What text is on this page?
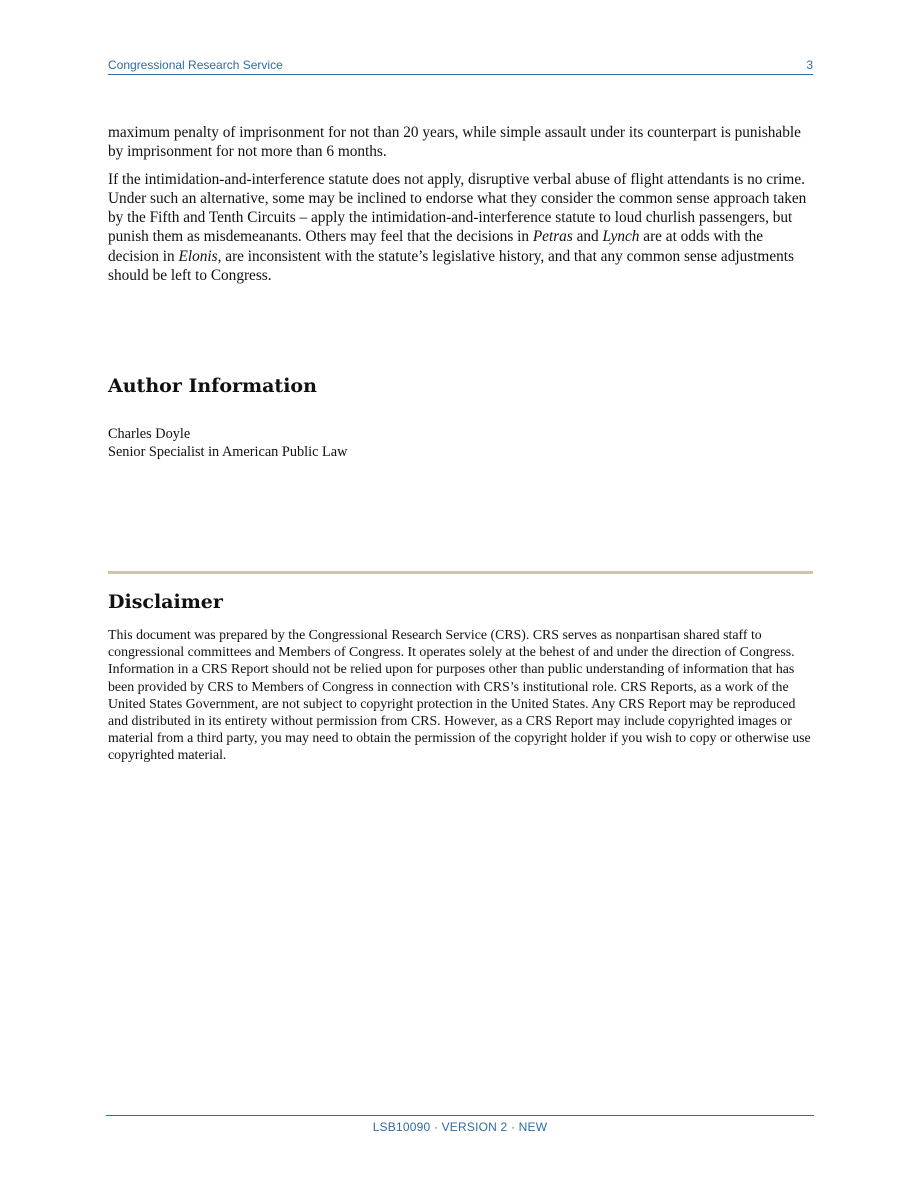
Congressional Research Service	3

maximum penalty of imprisonment for not than 20 years, while simple assault under its counterpart is punishable by imprisonment for not more than 6 months.

If the intimidation-and-interference statute does not apply, disruptive verbal abuse of flight attendants is no crime. Under such an alternative, some may be inclined to endorse what they consider the common sense approach taken by the Fifth and Tenth Circuits – apply the intimidation-and-interference statute to loud churlish passengers, but punish them as misdemeanants. Others may feel that the decisions in Petras and Lynch are at odds with the decision in Elonis, are inconsistent with the statute’s legislative history, and that any common sense adjustments should be left to Congress.

Author Information
Charles Doyle
Senior Specialist in American Public Law
Disclaimer

This document was prepared by the Congressional Research Service (CRS). CRS serves as nonpartisan shared staff to congressional committees and Members of Congress. It operates solely at the behest of and under the direction of Congress. Information in a CRS Report should not be relied upon for purposes other than public understanding of information that has been provided by CRS to Members of Congress in connection with CRS’s institutional role. CRS Reports, as a work of the United States Government, are not subject to copyright protection in the United States. Any CRS Report may be reproduced and distributed in its entirety without permission from CRS. However, as a CRS Report may include copyrighted images or material from a third party, you may need to obtain the permission of the copyright holder if you wish to copy or otherwise use copyrighted material.

LSB10090 · VERSION 2 · NEW
